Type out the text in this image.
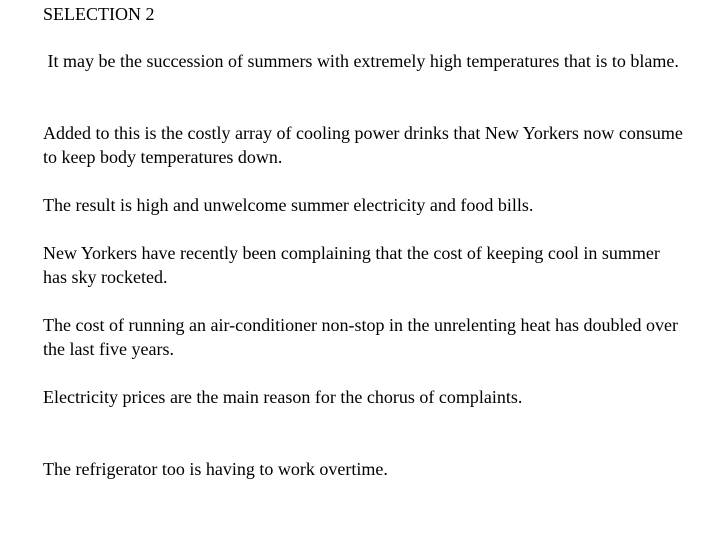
SELECTION 2

It may be the succession of summers with extremely high temperatures that is to blame.

Added to this is the costly array of cooling power drinks that New Yorkers now consume to keep body temperatures down.

The result is high and unwelcome summer electricity and food bills.

New Yorkers have recently been complaining that the cost of keeping cool in summer has sky rocketed.

The cost of running an air-conditioner non-stop in the unrelenting heat has doubled over the last five years.

Electricity prices are the main reason for the chorus of complaints.

The refrigerator too is having to work overtime.
